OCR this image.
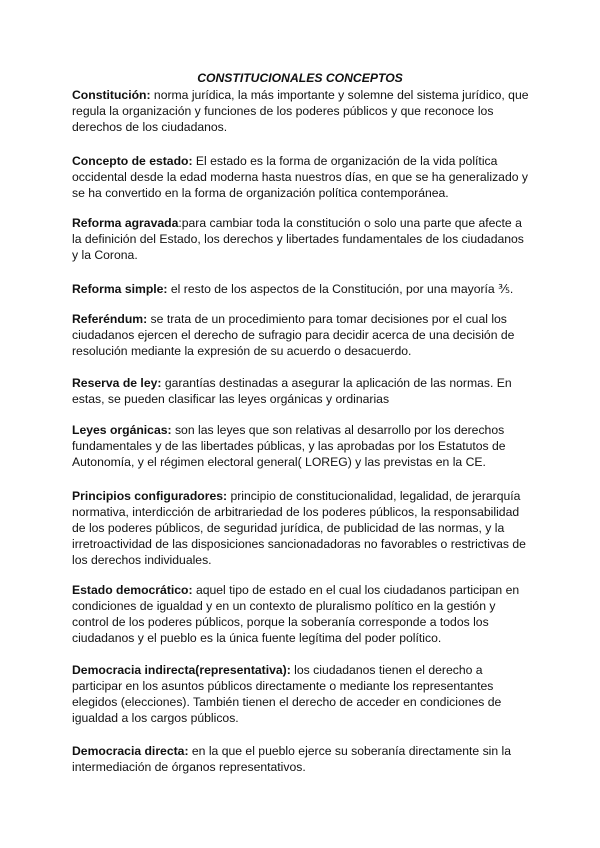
CONSTITUCIONALES CONCEPTOS

Constitución: norma jurídica, la más importante y solemne del sistema jurídico, que regula la organización y funciones de los poderes públicos y que reconoce los derechos de los ciudadanos.

Concepto de estado: El estado es la forma de organización de la vida política occidental desde la edad moderna hasta nuestros días, en que se ha generalizado y se ha convertido en la forma de organización política contemporánea.

Reforma agravada:para cambiar toda la constitución o solo una parte que afecte a la definición del Estado, los derechos y libertades fundamentales de los ciudadanos y la Corona.

Reforma simple: el resto de los aspectos de la Constitución, por una mayoría ⅗.

Referéndum: se trata de un procedimiento para tomar decisiones por el cual los ciudadanos ejercen el derecho de sufragio para decidir acerca de una decisión de resolución mediante la expresión de su acuerdo o desacuerdo.

Reserva de ley: garantías destinadas a asegurar la aplicación de las normas. En estas, se pueden clasificar las leyes orgánicas y ordinarias

Leyes orgánicas: son las leyes que son relativas al desarrollo por los derechos fundamentales y de las libertades públicas, y las aprobadas por los Estatutos de Autonomía, y el régimen electoral general( LOREG) y las previstas en la CE.

Principios configuradores: principio de constitucionalidad, legalidad, de jerarquía normativa, interdicción de arbitrariedad de los poderes públicos, la responsabilidad de los poderes públicos, de seguridad jurídica, de publicidad de las normas, y la irretroactividad de las disposiciones sancionadadoras no favorables o restrictivas de los derechos individuales.

Estado democrático: aquel tipo de estado en el cual los ciudadanos participan en condiciones de igualdad y en un contexto de pluralismo político en la gestión y control de los poderes públicos, porque la soberanía corresponde a todos los ciudadanos y el pueblo es la única fuente legítima del poder político.

Democracia indirecta(representativa): los ciudadanos tienen el derecho a participar en los asuntos públicos directamente o mediante los representantes elegidos (elecciones). También tienen el derecho de acceder en condiciones de igualdad a los cargos públicos.

Democracia directa: en la que el pueblo ejerce su soberanía directamente sin la intermediación de órganos representativos.
